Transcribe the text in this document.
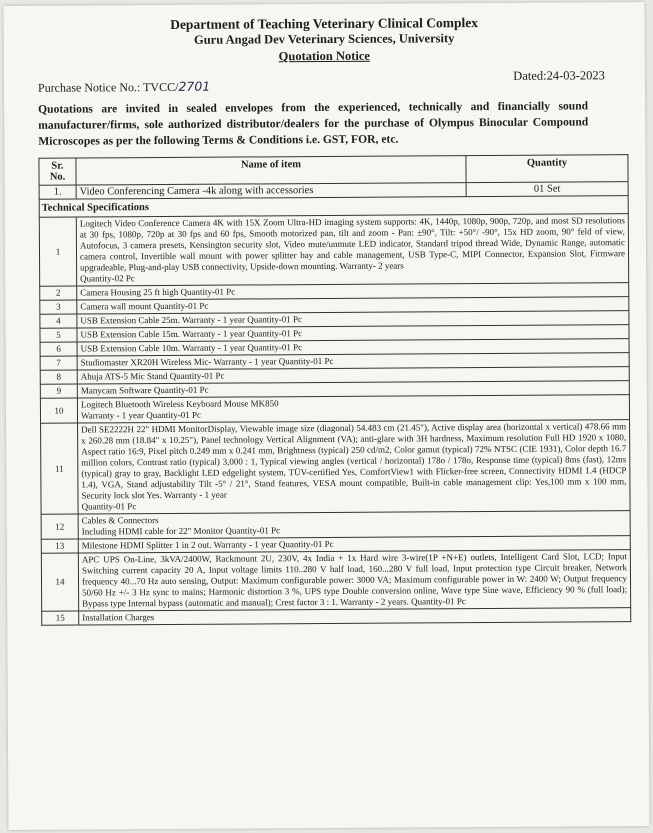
Department of Teaching Veterinary Clinical Complex
Guru Angad Dev Veterinary Sciences, University
Quotation Notice
Purchase Notice No.: TVCC/2701
Dated:24-03-2023
Quotations are invited in sealed envelopes from the experienced, technically and financially sound manufacturer/firms, sole authorized distributor/dealers for the purchase of Olympus Binocular Compound Microscopes as per the following Terms & Conditions i.e. GST, FOR, etc.
Sr. No.	Name of item	Quantity
1.	Video Conferencing Camera -4k along with accessories	01 Set
Technical Specifications		
1	Logitech Video Conference Camera 4K with 15X Zoom Ultra-HD imaging system supports: 4K, 1440p, 1080p, 900p, 720p, and most SD resolutions at 30 fps, 1080p, 720p at 30 fps and 60 fps, Smooth motorized pan, tilt and zoom - Pan: ±90°, Tilt: +50°/ -90°, 15x HD zoom, 90° feld of view, Autofocus, 3 camera presets, Kensington security slot, Video mute/unmute LED indicator, Standard tripod thread Wide, Dynamic Range, automatic camera control, Invertible wall mount with power splitter bay and cable management, USB Type-C, MIPI Connector, Expansion Slot, Firmware upgradeable, Plug-and-play USB connectivity, Upside-down mounting. Warranty- 2 years
Quantity-02 Pc	

2	Camera Housing 25 ft high Quantity-01 Pc	

3	Camera wall mount Quantity-01 Pc	

4	USB Extension Cable 25m. Warranty - 1 year Quantity-01 Pc	

5	USB Extension Cable 15m. Warranty - 1 year Quantity-01 Pc	

6	USB Extension Cable 10m. Warranty - 1 year Quantity-01 Pc	

7	Studiomaster XR20H Wireless Mic- Warranty - 1 year Quantity-01 Pc	

8	Ahuja ATS-5 Mic Stand Quantity-01 Pc	

9	Manycam Software Quantity-01 Pc	

10	Logitech Bluetooth Wireless Keyboard Mouse MK850
Warranty - 1 year Quantity-01 Pc	

11	Dell SE2222H 22" HDMI MonitorDisplay, Viewable image size (diagonal) 54.483 cm (21.45"), Active display area (horizontal x vertical) 478.66 mm x 260.28 mm (18.84" x 10.25"), Panel technology Vertical Alignment (VA); anti-glare with 3H hardness, Maximum resolution Full HD 1920 x 1080, Aspect ratio 16:9, Pixel pitch 0.249 mm x 0.241 mm, Brightness (typical) 250 cd/m2, Color gamut (typical) 72% NTSC (CIE 1931), Color depth 16.7 million colors, Contrast ratio (typical) 3,000 : 1, Typical viewing angles (vertical / horizontal) 178o / 178o, Response time (typical) 8ms (fast), 12ms (typical) gray to gray, Backlight LED edgelight system, TÜV-certified Yes, ComfortView1 with Flicker-free screen, Connectivity HDMI 1.4 (HDCP 1.4), VGA, Stand adjustability Tilt -5° / 21°, Stand features, VESA mount compatible, Built-in cable management clip: Yes,100 mm x 100 mm, Security lock slot Yes. Warranty - 1 year
Quantity-01 Pc	

12	Cables & Connectors
Including HDMI cable for 22" Monitor Quantity-01 Pc	

13	Milestone HDMI Splitter 1 in 2 out. Warranty - 1 year Quantity-01 Pc	

14	APC UPS On-Line, 3kVA/2400W, Rackmount 2U, 230V, 4x India + 1x Hard wire 3-wire(1P +N+E) outlets, Intelligent Card Slot, LCD; Input Switching current capacity 20 A, Input voltage limits 110..280 V half load, 160...280 V full load, Input protection type Circuit breaker, Network frequency 40...70 Hz auto sensing, Output: Maximum configurable power: 3000 VA; Maximum configurable power in W: 2400 W; Output frequency 50/60 Hz +/- 3 Hz sync to mains; Harmonic distortion 3 %, UPS type Double conversion online, Wave type Sine wave, Efficiency 90 % (full load); Bypass type Internal bypass (automatic and manual); Crest factor 3 : 1. Warranty - 2 years. Quantity-01 Pc	

15	Installation Charges	
